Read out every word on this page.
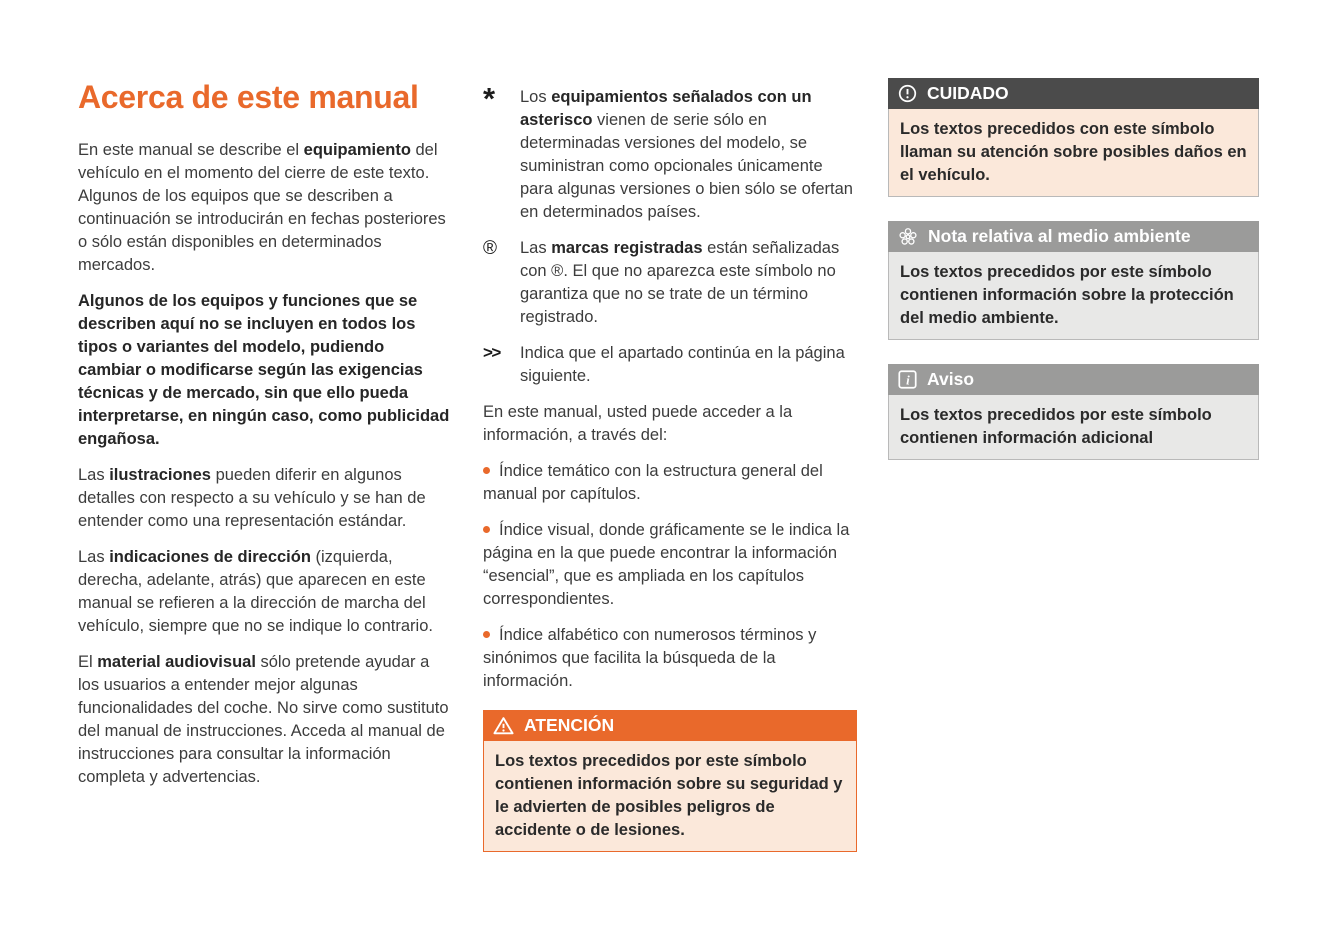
Acerca de este manual

En este manual se describe el equipamiento del vehículo en el momento del cierre de este texto. Algunos de los equipos que se describen a continuación se introducirán en fechas posteriores o sólo están disponibles en determinados mercados.

Algunos de los equipos y funciones que se describen aquí no se incluyen en todos los tipos o variantes del modelo, pudiendo cambiar o modificarse según las exigencias técnicas y de mercado, sin que ello pueda interpretarse, en ningún caso, como publicidad engañosa.

Las ilustraciones pueden diferir en algunos detalles con respecto a su vehículo y se han de entender como una representación estándar.

Las indicaciones de dirección (izquierda, derecha, adelante, atrás) que aparecen en este manual se refieren a la dirección de marcha del vehículo, siempre que no se indique lo contrario.

El material audiovisual sólo pretende ayudar a los usuarios a entender mejor algunas funcionalidades del coche. No sirve como sustituto del manual de instrucciones. Acceda al manual de instrucciones para consultar la información completa y advertencias.

*	Los equipamientos señalados con un asterisco vienen de serie sólo en determinadas versiones del modelo, se suministran como opcionales únicamente para algunas versiones o bien sólo se ofertan en determinados países.

®	Las marcas registradas están señalizadas con ®. El que no aparezca este símbolo no garantiza que no se trate de un término registrado.

>>	Indica que el apartado continúa en la página siguiente.

En este manual, usted puede acceder a la información, a través del:

Índice temático con la estructura general del manual por capítulos.

Índice visual, donde gráficamente se le indica la página en la que puede encontrar la información “esencial”, que es ampliada en los capítulos correspondientes.

Índice alfabético con numerosos términos y sinónimos que facilita la búsqueda de la información.

ATENCIÓN
Los textos precedidos por este símbolo contienen información sobre su seguridad y le advierten de posibles peligros de accidente o de lesiones.
CUIDADO
Los textos precedidos con este símbolo llaman su atención sobre posibles daños en el vehículo.
Nota relativa al medio ambiente
Los textos precedidos por este símbolo contienen información sobre la protección del medio ambiente.
i Aviso
Los textos precedidos por este símbolo contienen información adicional
